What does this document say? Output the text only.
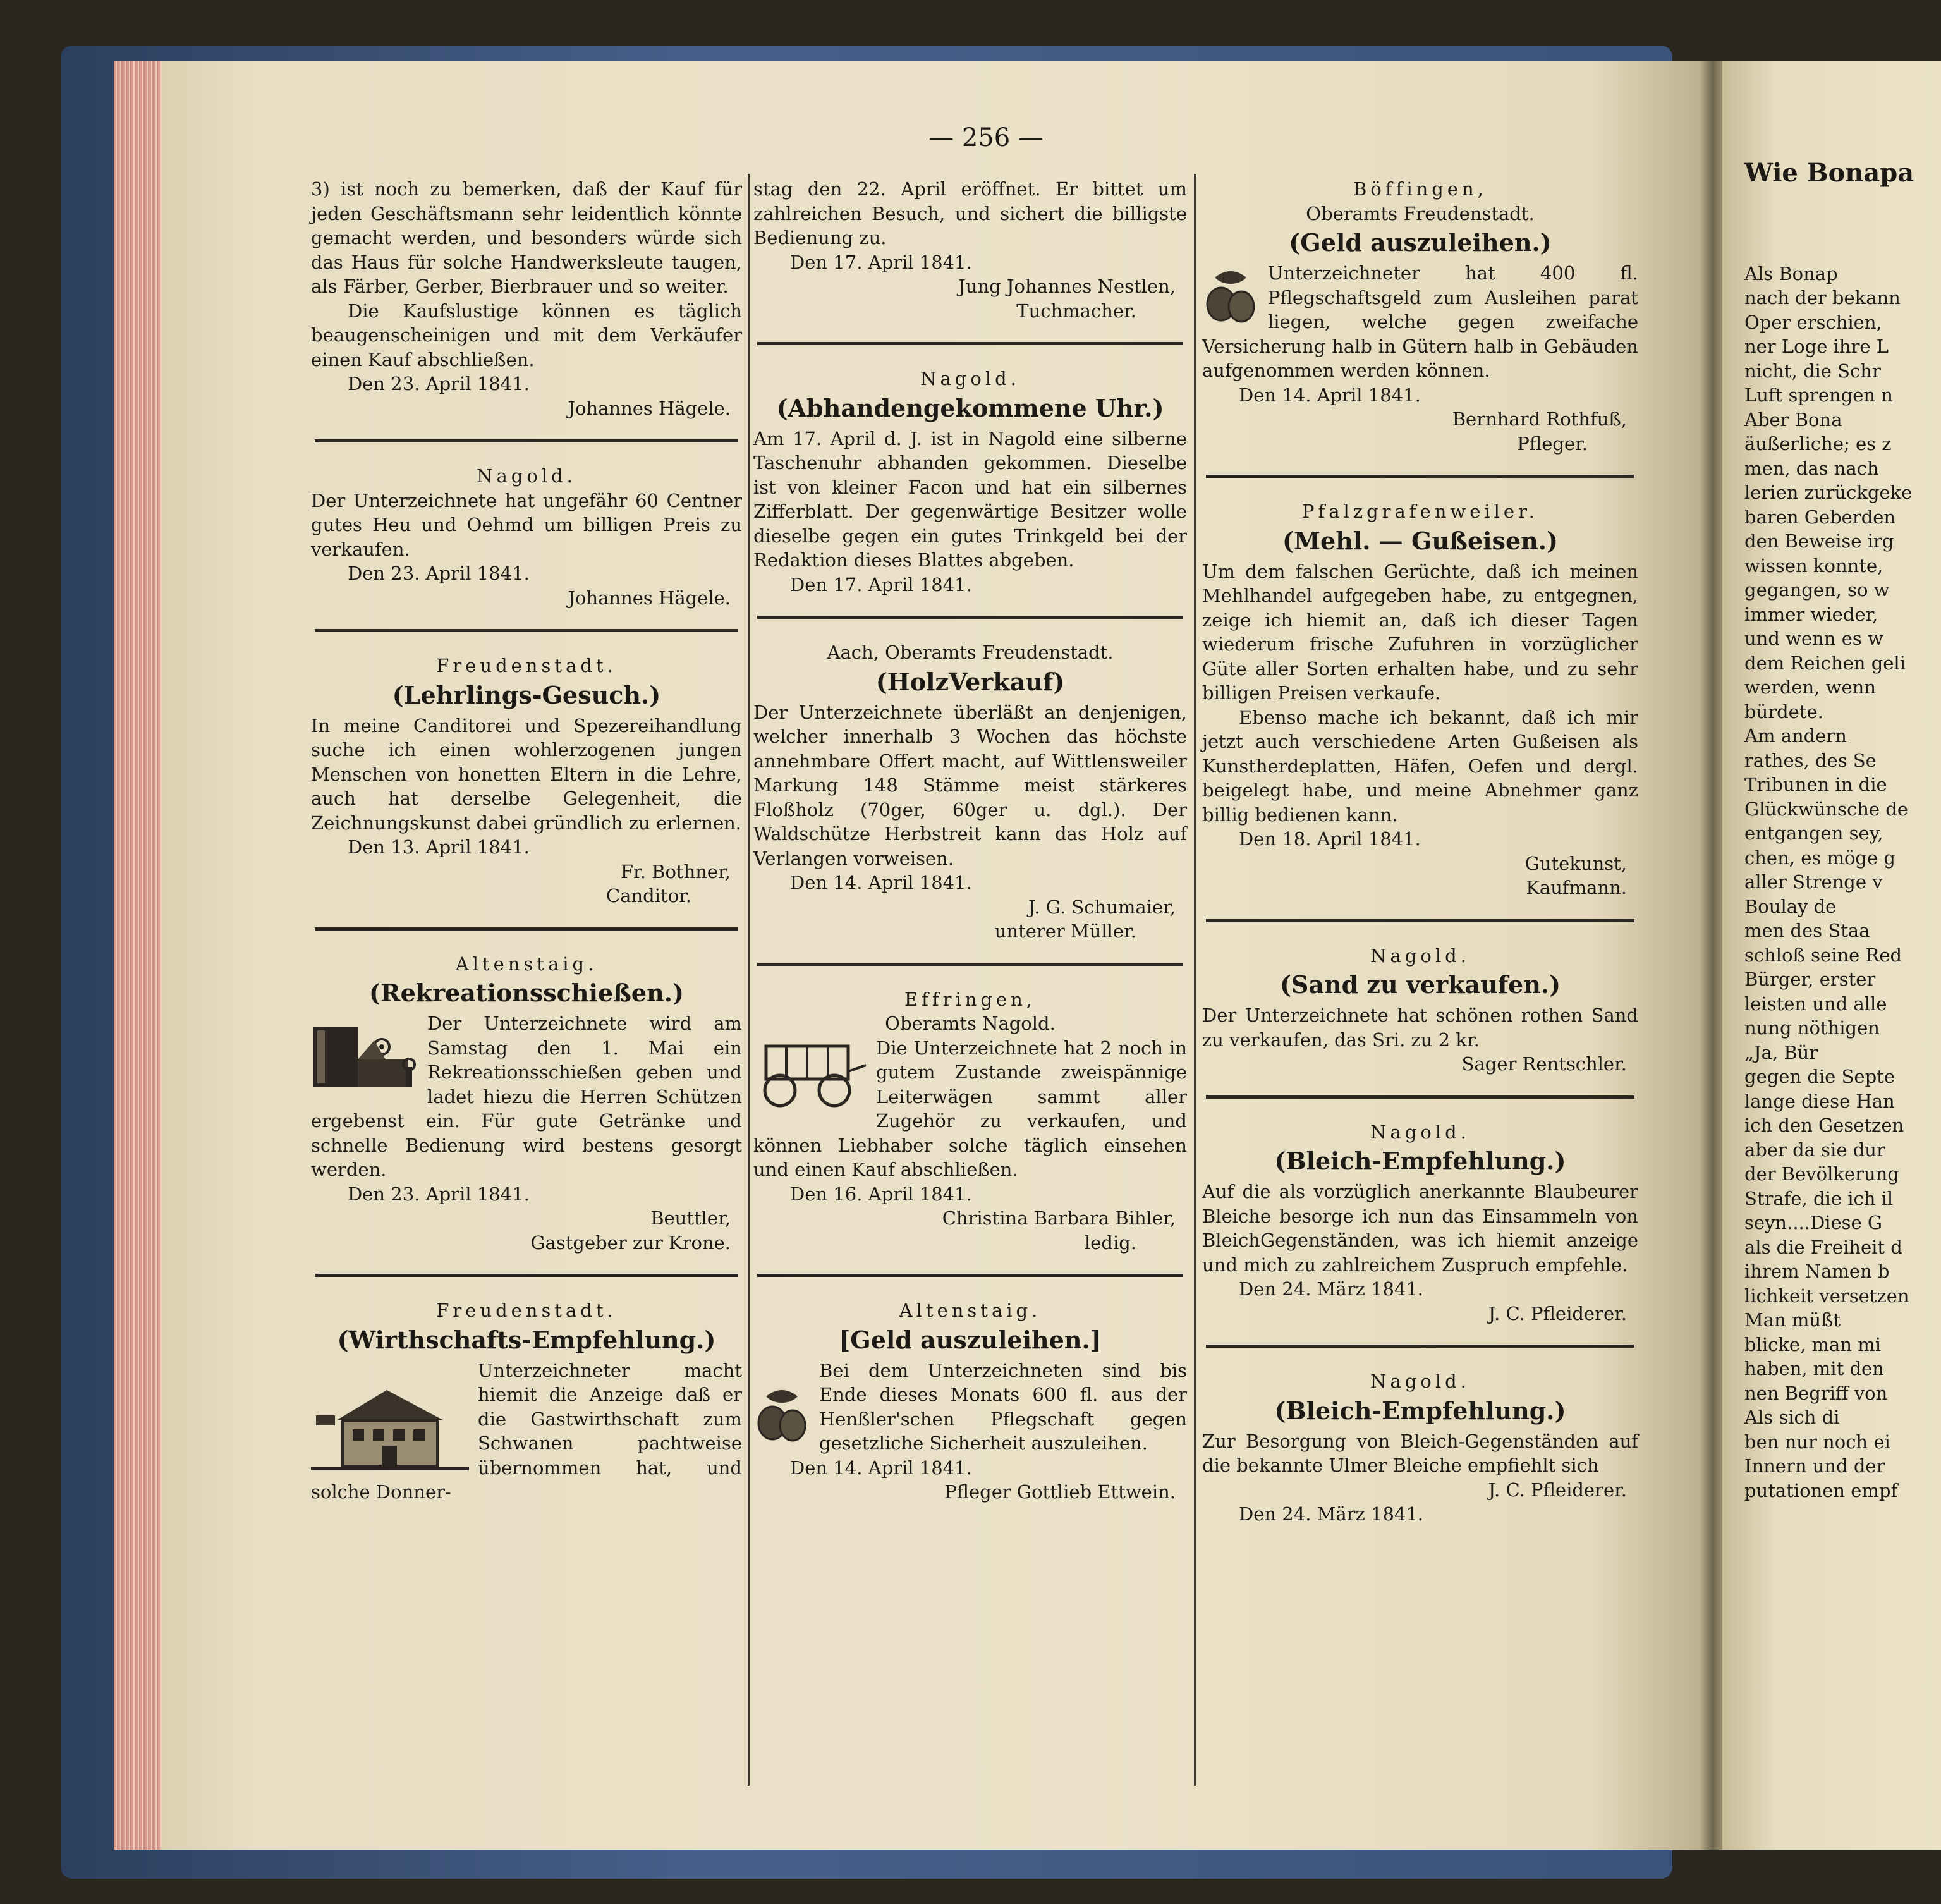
— 256 —
3) ist noch zu bemerken, daß der Kauf für jeden Geschäftsmann sehr leidentlich könnte gemacht werden, und besonders würde sich das Haus für solche Handwerksleute taugen, als Färber, Gerber, Bierbrauer und so weiter.
Die Kaufslustige können es täglich beaugenscheinigen und mit dem Verkäufer einen Kauf abschließen.
Den 23. April 1841.
Johannes Hägele.
Nagold.
Der Unterzeichnete hat ungefähr 60 Centner gutes Heu und Oehmd um billigen Preis zu verkaufen.
Den 23. April 1841.
Johannes Hägele.
Freudenstadt.
(Lehrlings-Gesuch.)
In meine Canditorei und Spezereihandlung suche ich einen wohlerzogenen jungen Menschen von honetten Eltern in die Lehre, auch hat derselbe Gelegenheit, die Zeichnungskunst dabei gründlich zu erlernen.
Den 13. April 1841.
Fr. Bothner,
Canditor.
Altenstaig.
(Rekreationsschießen.)
Der Unterzeichnete wird am Samstag den 1. Mai ein Rekreationsschießen geben und ladet hiezu die Herren Schützen ergebenst ein. Für gute Getränke und schnelle Bedienung wird bestens gesorgt werden.
Den 23. April 1841.
Beuttler,
Gastgeber zur Krone.
Freudenstadt.
(Wirthschafts-Empfehlung.)
Unterzeichneter macht hiemit die Anzeige daß er die Gastwirthschaft zum Schwanen pachtweise übernommen hat, und solche Donner-
stag den 22. April eröffnet. Er bittet um zahlreichen Besuch, und sichert die billigste Bedienung zu.
Den 17. April 1841.
Jung Johannes Nestlen,
Tuchmacher.
Nagold.
(Abhandengekommene Uhr.)
Am 17. April d. J. ist in Nagold eine silberne Taschenuhr abhanden gekommen. Dieselbe ist von kleiner Facon und hat ein silbernes Zifferblatt. Der gegenwärtige Besitzer wolle dieselbe gegen ein gutes Trinkgeld bei der Redaktion dieses Blattes abgeben.
Den 17. April 1841.
Aach, Oberamts Freudenstadt.
(HolzVerkauf)
Der Unterzeichnete überläßt an denjenigen, welcher innerhalb 3 Wochen das höchste annehmbare Offert macht, auf Wittlensweiler Markung 148 Stämme meist stärkeres Floßholz (70ger, 60ger u. dgl.). Der Waldschütze Herbstreit kann das Holz auf Verlangen vorweisen.
Den 14. April 1841.
J. G. Schumaier,
unterer Müller.
Effringen,
Oberamts Nagold.
Die Unterzeichnete hat 2 noch in gutem Zustande zweispännige Leiterwägen sammt aller Zugehör zu verkaufen, und können Liebhaber solche täglich einsehen und einen Kauf abschließen.
Den 16. April 1841.
Christina Barbara Bihler,
ledig.
Altenstaig.
[Geld auszuleihen.]
Bei dem Unterzeichneten sind bis Ende dieses Monats 600 fl. aus der Henßler'schen Pflegschaft gegen gesetzliche Sicherheit auszuleihen.
Den 14. April 1841.
Pfleger Gottlieb Ettwein.
Böffingen,
Oberamts Freudenstadt.
(Geld auszuleihen.)
Unterzeichneter hat 400 fl. Pflegschaftsgeld zum Ausleihen parat liegen, welche gegen zweifache Versicherung halb in Gütern halb in Gebäuden aufgenommen werden können.
Den 14. April 1841.
Bernhard Rothfuß,
Pfleger.
Pfalzgrafenweiler.
(Mehl. — Gußeisen.)
Um dem falschen Gerüchte, daß ich meinen Mehlhandel aufgegeben habe, zu entgegnen, zeige ich hiemit an, daß ich dieser Tagen wiederum frische Zufuhren in vorzüglicher Güte aller Sorten erhalten habe, und zu sehr billigen Preisen verkaufe.
Ebenso mache ich bekannt, daß ich mir jetzt auch verschiedene Arten Gußeisen als Kunstherdeplatten, Häfen, Oefen und dergl. beigelegt habe, und meine Abnehmer ganz billig bedienen kann.
Den 18. April 1841.
Gutekunst,
Kaufmann.
Nagold.
(Sand zu verkaufen.)
Der Unterzeichnete hat schönen rothen Sand zu verkaufen, das Sri. zu 2 kr.
Sager Rentschler.
Nagold.
(Bleich-Empfehlung.)
Auf die als vorzüglich anerkannte Blaubeurer Bleiche besorge ich nun das Einsammeln von BleichGegenständen, was ich hiemit anzeige und mich zu zahlreichem Zuspruch empfehle.
Den 24. März 1841.
J. C. Pfleiderer.
Nagold.
(Bleich-Empfehlung.)
Zur Besorgung von Bleich-Gegenständen auf die bekannte Ulmer Bleiche empfiehlt sich
J. C. Pfleiderer.
Den 24. März 1841.
Wie Bonapa
Als Bonap
nach der bekann
Oper erschien,
ner Loge ihre L
nicht, die Schr
Luft sprengen n
Aber Bona
äußerliche; es z
men, das nach
lerien zurückgeke
baren Geberden
den Beweise irg
wissen konnte,
gegangen, so w
immer wieder,
und wenn es w
dem Reichen geli
werden, wenn
bürdete.
Am andern
rathes, des Se
Tribunen in die
Glückwünsche de
entgangen sey,
chen, es möge g
aller Strenge v
Boulay de
men des Staa
schloß seine Red
Bürger, erster
leisten und alle
nung nöthigen
„Ja, Bür
gegen die Septe
lange diese Han
ich den Gesetzen
aber da sie dur
der Bevölkerung
Strafe, die ich il
seyn....Diese G
als die Freiheit d
ihrem Namen b
lichkeit versetzen
Man müßt
blicke, man mi
haben, mit den
nen Begriff von
Als sich di
ben nur noch ei
Innern und der
putationen empf
